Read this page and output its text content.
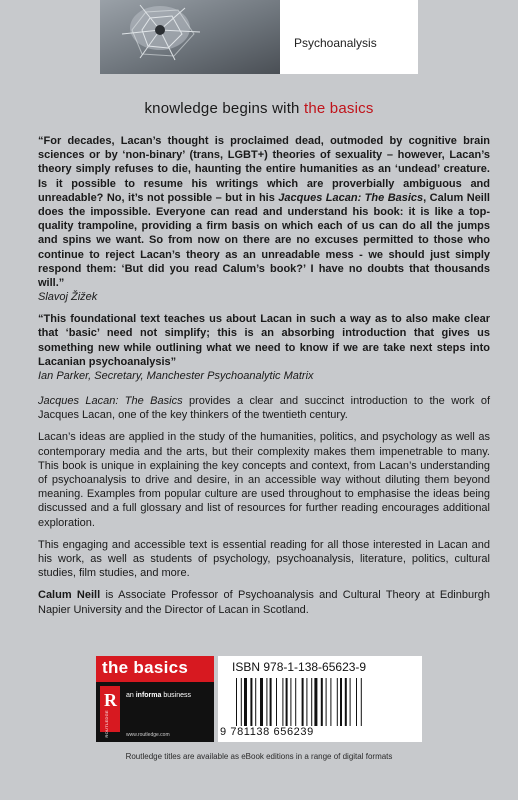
Psychoanalysis
knowledge begins with the basics

“For decades, Lacan’s thought is proclaimed dead, outmoded by cognitive brain sciences or by ‘non-binary’ (trans, LGBT+) theories of sexuality – however, Lacan’s theory simply refuses to die, haunting the entire humanities as an ‘undead’ creature. Is it possible to resume his writings which are proverbially ambiguous and unreadable? No, it’s not possible – but in his Jacques Lacan: The Basics, Calum Neill does the impossible. Everyone can read and understand his book: it is like a top-quality trampoline, providing a firm basis on which each of us can do all the jumps and spins we want. So from now on there are no excuses permitted to those who continue to reject Lacan’s theory as an unreadable mess - we should just simply respond them: ‘But did you read Calum’s book?’ I have no doubts that thousands will.”

Slavoj Žižek

“This foundational text teaches us about Lacan in such a way as to also make clear that ‘basic’ need not simplify; this is an absorbing introduction that gives us something new while outlining what we need to know if we are take next steps into Lacanian psychoanalysis”

Ian Parker, Secretary, Manchester Psychoanalytic Matrix

Jacques Lacan: The Basics provides a clear and succinct introduction to the work of Jacques Lacan, one of the key thinkers of the twentieth century.

Lacan’s ideas are applied in the study of the humanities, politics, and psychology as well as contemporary media and the arts, but their complexity makes them impenetrable to many. This book is unique in explaining the key concepts and context, from Lacan’s understanding of psychoanalysis to drive and desire, in an accessible way without diluting them beyond meaning. Examples from popular culture are used throughout to emphasise the ideas being discussed and a full glossary and list of resources for further reading encourages additional exploration.

This engaging and accessible text is essential reading for all those interested in Lacan and his work, as well as students of psychology, psychoanalysis, literature, politics, cultural studies, film studies, and more.

Calum Neill is Associate Professor of Psychoanalysis and Cultural Theory at Edinburgh Napier University and the Director of Lacan in Scotland.

the basics
R
ROUTLEDGE
an informa business
www.routledge.com
ISBN 978-1-138-65623-9
9 781138 656239
Routledge titles are available as eBook editions in a range of digital formats
